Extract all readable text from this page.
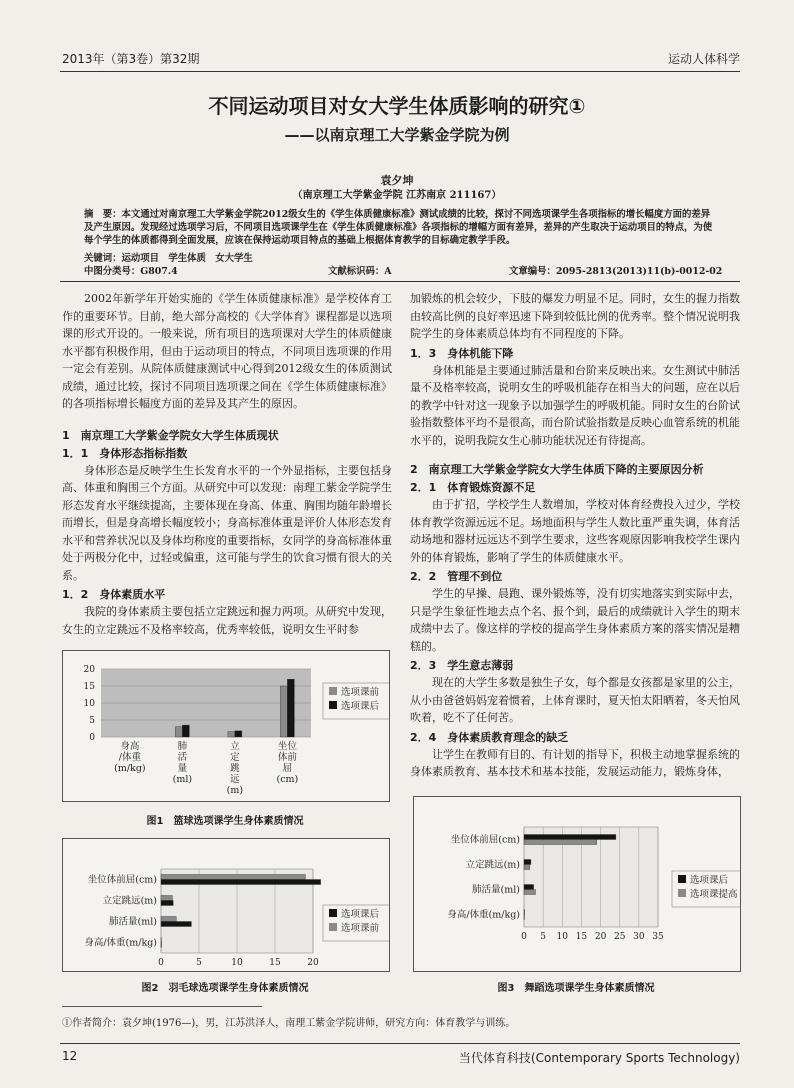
2013年（第3卷）第32期	运动人体科学
不同运动项目对女大学生体质影响的研究①
——以南京理工大学紫金学院为例
袁夕坤
（南京理工大学紫金学院 江苏南京 211167）
摘　要：本文通过对南京理工大学紫金学院2012级女生的《学生体质健康标准》测试成绩的比较，探讨不同选项课学生各项指标的增长幅度方面的差异及产生原因。发现经过选项学习后，不同项目选项课学生在《学生体质健康标准》各项指标的增幅方面有差异，差异的产生取决于运动项目的特点，为使每个学生的体质都得到全面发展，应该在保持运动项目特点的基础上根据体育教学的目标确定教学手段。
关键词：运动项目　学生体质　女大学生
中图分类号：G807.4	文献标识码：A	文章编号：2095-2813(2013)11(b)-0012-02
2002年新学年开始实施的《学生体质健康标准》是学校体育工作的重要环节。目前，绝大部分高校的《大学体育》课程都是以选项课的形式开设的。一般来说，所有项目的选项课对大学生的体质健康水平都有积极作用，但由于运动项目的特点，不同项目选项课的作用一定会有差别。从院体质健康测试中心得到2012级女生的体质测试成绩，通过比较，探讨不同项目选项课之间在《学生体质健康标准》的各项指标增长幅度方面的差异及其产生的原因。
1　南京理工大学紫金学院女大学生体质现状
1．1　身体形态指标指数
身体形态是反映学生生长发育水平的一个外显指标，主要包括身高、体重和胸围三个方面。从研究中可以发现：南理工紫金学院学生形态发育水平继续提高，主要体现在身高、体重、胸围均随年龄增长而增长，但是身高增长幅度较小；身高标准体重是评价人体形态发育水平和营养状况以及身体均称度的重要指标，女同学的身高标准体重处于两极分化中，过轻或偏重，这可能与学生的饮食习惯有很大的关系。
1．2　身体素质水平
我院的身体素质主要包括立定跳远和握力两项。从研究中发现，女生的立定跳远不及格率较高，优秀率较低，说明女生平时参
加锻炼的机会较少，下肢的爆发力明显不足。同时，女生的握力指数由较高比例的良好率迅速下降到较低比例的优秀率。整个情况说明我院学生的身体素质总体均有不同程度的下降。
1．3　身体机能下降
身体机能是主要通过肺活量和台阶来反映出来。女生测试中肺活量不及格率较高，说明女生的呼吸机能存在相当大的问题，应在以后的教学中针对这一现象予以加强学生的呼吸机能。同时女生的台阶试验指数整体平均不是很高，而台阶试验指数是反映心血管系统的机能水平的，说明我院女生心肺功能状况还有待提高。
2　南京理工大学紫金学院女大学生体质下降的主要原因分析
2．1　体育锻炼资源不足
由于扩招，学校学生人数增加，学校对体育经费投入过少，学校体育教学资源远远不足。场地面积与学生人数比重严重失调，体育活动场地和器材远远达不到学生要求，这些客观原因影响我校学生课内外的体育锻炼，影响了学生的体质健康水平。
2．2　管理不到位
学生的早操、晨跑、课外锻炼等，没有切实地落实到实际中去，只是学生象征性地去点个名、报个到，最后的成绩就计入学生的期末成绩中去了。像这样的学校的提高学生身体素质方案的落实情况是糟糕的。
2．3　学生意志薄弱
现在的大学生多数是独生子女，每个都是女孩都是家里的公主，从小由爸爸妈妈宠着惯着，上体育课时，夏天怕太阳晒着，冬天怕风吹着，吃不了任何苦。
2．4　身体素质教育理念的缺乏
让学生在教师有目的、有计划的指导下，积极主动地掌握系统的身体素质教育、基本技术和基本技能，发展运动能力，锻炼身体，
0
5
10
15
20
身高
/体重
(m/kg)
肺
活
量
(ml)
立
定
跳
远
(m)
坐位
体前
屈
(cm)
选项课前
选项课后
图1　篮球选项课学生身体素质情况
0	5	10	15	20
身高/体重(m/kg)
肺活量(ml)
立定跳远(m)
坐位体前屈(cm)
选项课后
选项课前
图2　羽毛球选项课学生身体素质情况
0 5 10 15 20 25 30 35
身高/体重(m/kg)
肺活量(ml)
立定跳远(m)
坐位体前屈(cm)
选项课后
选项课提高
图3　舞蹈选项课学生身体素质情况
①作者简介：袁夕坤(1976—)，男，江苏洪泽人，南理工紫金学院讲师，研究方向：体育教学与训练。
12	当代体育科技(Contemporary Sports Technology)
